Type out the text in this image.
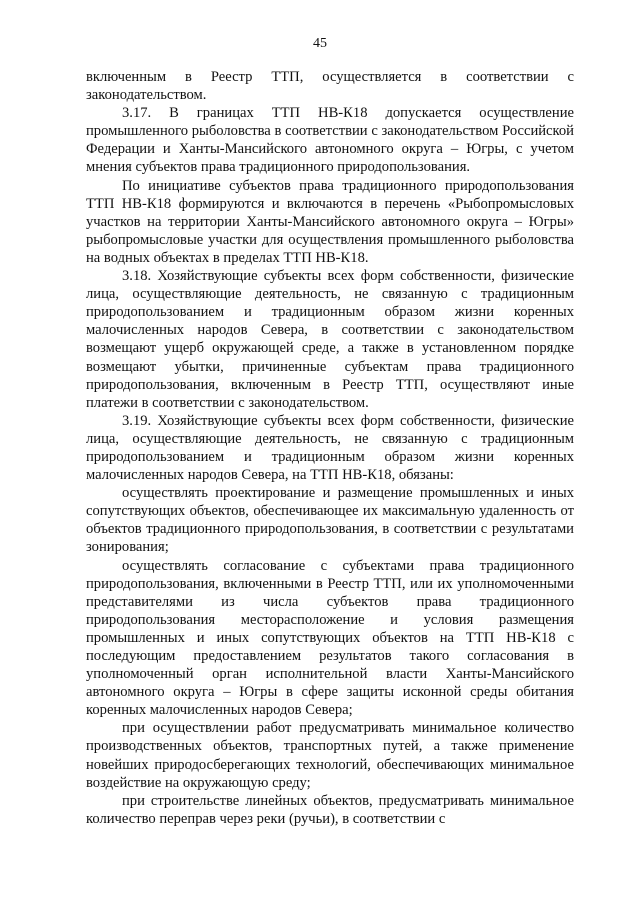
45

включенным в Реестр ТТП, осуществляется в соответствии с законодательством.

3.17. В границах ТТП НВ-К18 допускается осуществление промышленного рыболовства в соответствии с законодательством Российской Федерации и Ханты-Мансийского автономного округа – Югры, с учетом мнения субъектов права традиционного природопользования.

По инициативе субъектов права традиционного природопользования ТТП НВ-К18 формируются и включаются в перечень «Рыбопромысловых участков на территории Ханты-Мансийского автономного округа – Югры» рыбопромысловые участки для осуществления промышленного рыболовства на водных объектах в пределах ТТП НВ-К18.

3.18. Хозяйствующие субъекты всех форм собственности, физические лица, осуществляющие деятельность, не связанную с традиционным природопользованием и традиционным образом жизни коренных малочисленных народов Севера, в соответствии с законодательством возмещают ущерб окружающей среде, а также в установленном порядке возмещают убытки, причиненные субъектам права традиционного природопользования, включенным в Реестр ТТП, осуществляют иные платежи в соответствии с законодательством.

3.19. Хозяйствующие субъекты всех форм собственности, физические лица, осуществляющие деятельность, не связанную с традиционным природопользованием и традиционным образом жизни коренных малочисленных народов Севера, на ТТП НВ-К18, обязаны:

осуществлять проектирование и размещение промышленных и иных сопутствующих объектов, обеспечивающее их максимальную удаленность от объектов традиционного природопользования, в соответствии с результатами зонирования;

осуществлять согласование с субъектами права традиционного природопользования, включенными в Реестр ТТП, или их уполномоченными представителями из числа субъектов права традиционного природопользования месторасположение и условия размещения промышленных и иных сопутствующих объектов на ТТП НВ-К18 с последующим предоставлением результатов такого согласования в уполномоченный орган исполнительной власти Ханты-Мансийского автономного округа – Югры в сфере защиты исконной среды обитания коренных малочисленных народов Севера;

при осуществлении работ предусматривать минимальное количество производственных объектов, транспортных путей, а также применение новейших природосберегающих технологий, обеспечивающих минимальное воздействие на окружающую среду;

при строительстве линейных объектов, предусматривать минимальное количество переправ через реки (ручьи), в соответствии с
